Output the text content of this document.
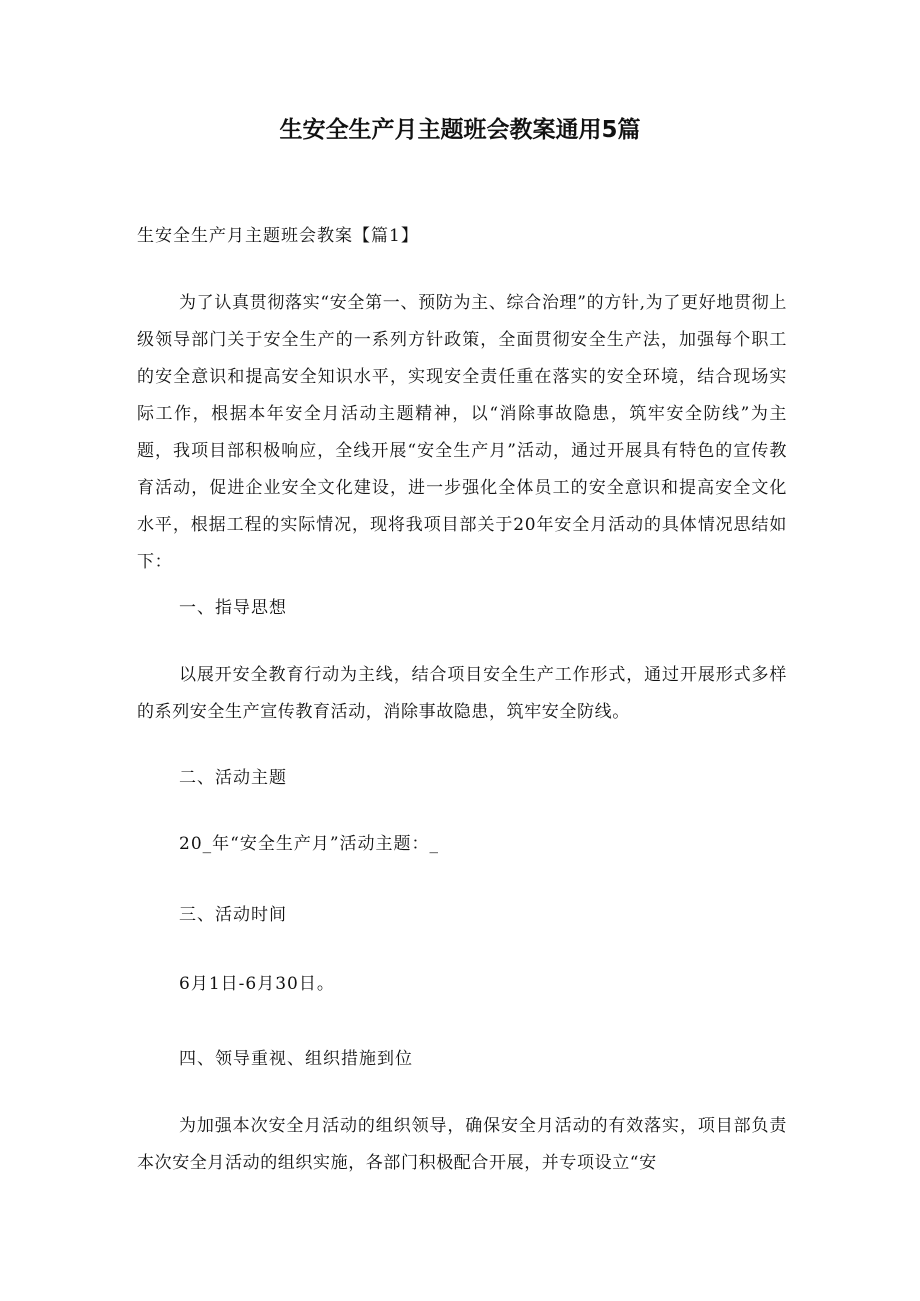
生安全生产月主题班会教案通用5篇

生安全生产月主题班会教案【篇1】

为了认真贯彻落实“安全第一、预防为主、综合治理”的方针,为了更好地贯彻上级领导部门关于安全生产的一系列方针政策，全面贯彻安全生产法，加强每个职工的安全意识和提高安全知识水平，实现安全责任重在落实的安全环境，结合现场实际工作，根据本年安全月活动主题精神，以“消除事故隐患，筑牢安全防线”为主题，我项目部积极响应，全线开展“安全生产月”活动，通过开展具有特色的宣传教育活动，促进企业安全文化建设，进一步强化全体员工的安全意识和提高安全文化水平，根据工程的实际情况，现将我项目部关于20年安全月活动的具体情况思结如下：

一、指导思想

以展开安全教育行动为主线，结合项目安全生产工作形式，通过开展形式多样的系列安全生产宣传教育活动，消除事故隐患，筑牢安全防线。

二、活动主题

20_年“安全生产月”活动主题：_

三、活动时间

6月1日-6月30日。

四、领导重视、组织措施到位

为加强本次安全月活动的组织领导，确保安全月活动的有效落实，项目部负责本次安全月活动的组织实施，各部门积极配合开展，并专项设立“安
